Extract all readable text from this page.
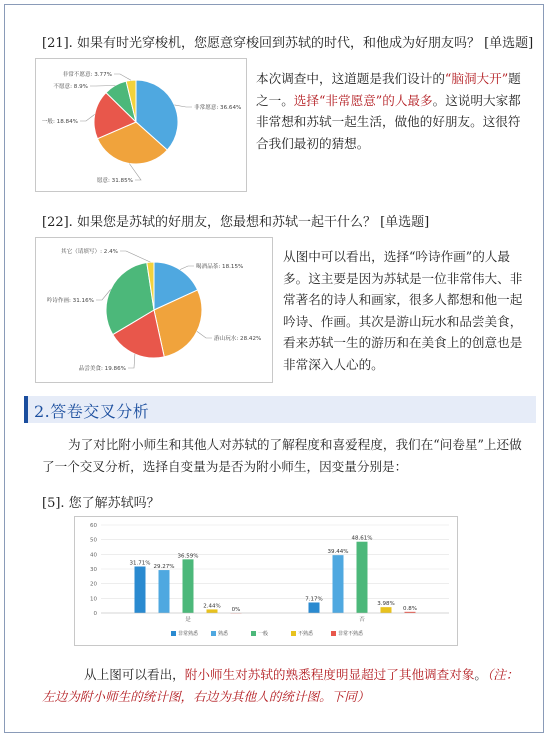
[21]. 如果有时光穿梭机，您愿意穿梭回到苏轼的时代，和他成为好朋友吗？ [单选题]
非常愿意: 36.64%
愿意: 31.85%
一般: 18.84%
不愿意: 8.9%
非常不愿意: 3.77%	本次调查中，这道题是我们设计的“脑洞大开”题之一。选择“非常愿意”的人最多。这说明大家都非常想和苏轼一起生活，做他的好朋友。这很符合我们最初的猜想。
[22]. 如果您是苏轼的好朋友，您最想和苏轼一起干什么？ [单选题]
喝酒品茶: 18.15%
游山玩水: 28.42%
品尝美食: 19.86%
吟诗作画: 31.16%
其它（请填写）: 2.4%	从图中可以看出，选择“吟诗作画”的人最多。这主要是因为苏轼是一位非常伟大、非常著名的诗人和画家，很多人都想和他一起吟诗、作画。其次是游山玩水和品尝美食，看来苏轼一生的游历和在美食上的创意也是非常深入人心的。
2.答卷交叉分析
为了对比附小师生和其他人对苏轼的了解程度和喜爱程度，我们在“问卷星”上还做了一个交叉分析，选择自变量为是否为附小师生，因变量分别是：
[5]. 您了解苏轼吗？
0
10
20
30
40
50
60
31.71%
29.27%
36.59%
2.44%
0%
是
7.17%
39.44%
48.61%
3.98%
0.8%
否
非常熟悉	熟悉	一般	不熟悉	非常不熟悉
从上图可以看出，附小师生对苏轼的熟悉程度明显超过了其他调查对象。（注：左边为附小师生的统计图，右边为其他人的统计图。下同）
